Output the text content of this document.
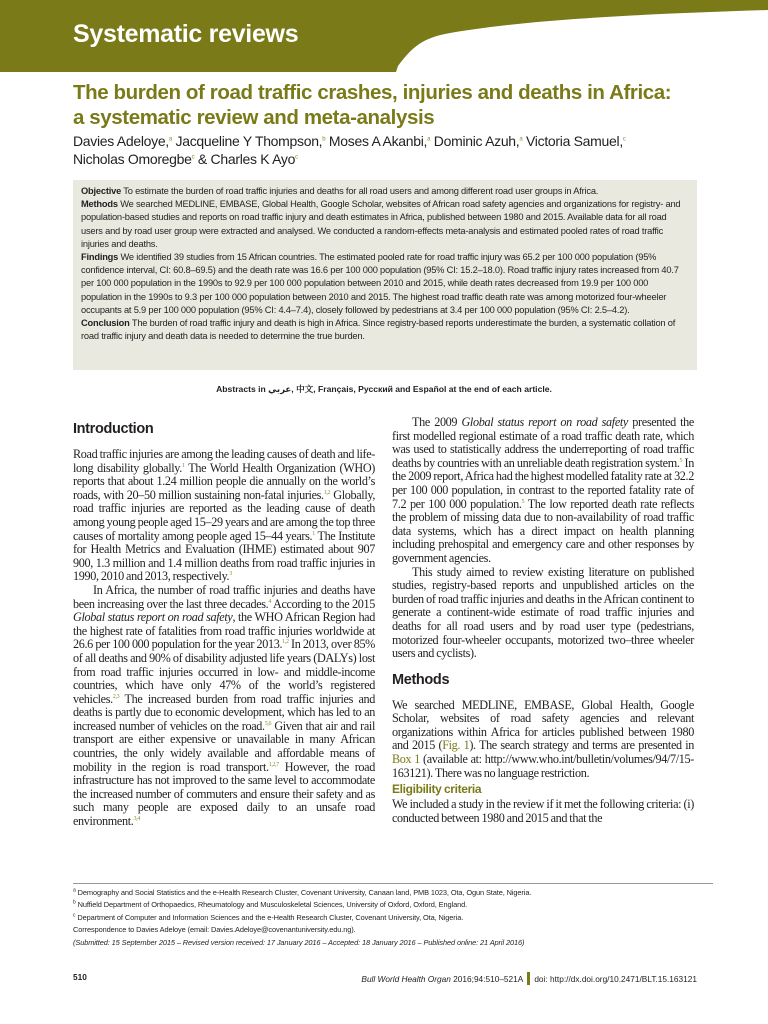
Systematic reviews
The burden of road traffic crashes, injuries and deaths in Africa:
a systematic review and meta-analysis
Davies Adeloye,$^a$ Jacqueline Y Thompson,$^b$ Moses A Akanbi,$^a$ Dominic Azuh,$^a$ Victoria Samuel,$^c$
Nicholas Omoregbe$^c$ & Charles K Ayo$^c$

Objective To estimate the burden of road traffic injuries and deaths for all road users and among different road user groups in Africa.

Methods We searched MEDLINE, EMBASE, Global Health, Google Scholar, websites of African road safety agencies and organizations for registry- and population-based studies and reports on road traffic injury and death estimates in Africa, published between 1980 and 2015. Available data for all road users and by road user group were extracted and analysed. We conducted a random-effects meta-analysis and estimated pooled rates of road traffic injuries and deaths.

Findings We identified 39 studies from 15 African countries. The estimated pooled rate for road traffic injury was 65.2 per 100 000 population (95% confidence interval, CI: 60.8–69.5) and the death rate was 16.6 per 100 000 population (95% CI: 15.2–18.0). Road traffic injury rates increased from 40.7 per 100 000 population in the 1990s to 92.9 per 100 000 population between 2010 and 2015, while death rates decreased from 19.9 per 100 000 population in the 1990s to 9.3 per 100 000 population between 2010 and 2015. The highest road traffic death rate was among motorized four-wheeler occupants at 5.9 per 100 000 population (95% CI: 4.4–7.4), closely followed by pedestrians at 3.4 per 100 000 population (95% CI: 2.5–4.2).

Conclusion The burden of road traffic injury and death is high in Africa. Since registry-based reports underestimate the burden, a systematic collation of road traffic injury and death data is needed to determine the true burden.

Abstracts in عربي, 中文, Français, Русский and Español at the end of each article.
Introduction

Road traffic injuries are among the leading causes of death and life-long disability globally.$^1$ The World Health Organization (WHO) reports that about 1.24 million people die annually on the world’s roads, with 20–50 million sustaining non-fatal injuries.$^{1,2}$ Globally, road traffic injuries are reported as the leading cause of death among young people aged 15–29 years and are among the top three causes of mortality among people aged 15–44 years.$^1$ The Institute for Health Metrics and Evaluation (IHME) estimated about 907 900, 1.3 million and 1.4 million deaths from road traffic injuries in 1990, 2010 and 2013, respectively.$^3$

In Africa, the number of road traffic injuries and deaths have been increasing over the last three decades.$^4$ According to the 2015 Global status report on road safety, the WHO African Region had the highest rate of fatalities from road traffic injuries worldwide at 26.6 per 100 000 population for the year 2013.$^{1,2}$ In 2013, over 85% of all deaths and 90% of disability adjusted life years (DALYs) lost from road traffic injuries occurred in low- and middle-income countries, which have only 47% of the world’s registered vehicles.$^{2,3}$ The increased burden from road traffic injuries and deaths is partly due to economic development, which has led to an increased number of vehicles on the road.$^{5,6}$ Given that air and rail transport are either expensive or unavailable in many African countries, the only widely available and affordable means of mobility in the region is road transport.$^{1,2,7}$ However, the road infrastructure has not improved to the same level to accommodate the increased number of commuters and ensure their safety and as such many people are exposed daily to an unsafe road environment.$^{3,4}$

The 2009 Global status report on road safety presented the first modelled regional estimate of a road traffic death rate, which was used to statistically address the underreporting of road traffic deaths by countries with an unreliable death registration system.$^5$ In the 2009 report, Africa had the highest modelled fatality rate at 32.2 per 100 000 population, in contrast to the reported fatality rate of 7.2 per 100 000 population.$^5$ The low reported death rate reflects the problem of missing data due to non-availability of road traffic data systems, which has a direct impact on health planning including prehospital and emergency care and other responses by government agencies.

This study aimed to review existing literature on published studies, registry-based reports and unpublished articles on the burden of road traffic injuries and deaths in the African continent to generate a continent-wide estimate of road traffic injuries and deaths for all road users and by road user type (pedestrians, motorized four-wheeler occupants, motorized two–three wheeler users and cyclists).

Methods

We searched MEDLINE, EMBASE, Global Health, Google Scholar, websites of road safety agencies and relevant organizations within Africa for articles published between 1980 and 2015 (Fig. 1). The search strategy and terms are presented in Box 1 (available at: http://www.who.int/bulletin/volumes/94/7/15-163121). There was no language restriction.

Eligibility criteria

We included a study in the review if it met the following criteria: (i) conducted between 1980 and 2015 and that the

$^a$ Demography and Social Statistics and the e-Health Research Cluster, Covenant University, Canaan land, PMB 1023, Ota, Ogun State, Nigeria.
$^b$ Nuffield Department of Orthopaedics, Rheumatology and Musculoskeletal Sciences, University of Oxford, Oxford, England.
$^c$ Department of Computer and Information Sciences and the e-Health Research Cluster, Covenant University, Ota, Nigeria.
Correspondence to Davies Adeloye (email: Davies.Adeloye@covenantuniversity.edu.ng).
(Submitted: 15 September 2015 – Revised version received: 17 January 2016 – Accepted: 18 January 2016 – Published online: 21 April 2016)
510	Bull World Health Organ 2016;94:510–521A doi: http://dx.doi.org/10.2471/BLT.15.163121
